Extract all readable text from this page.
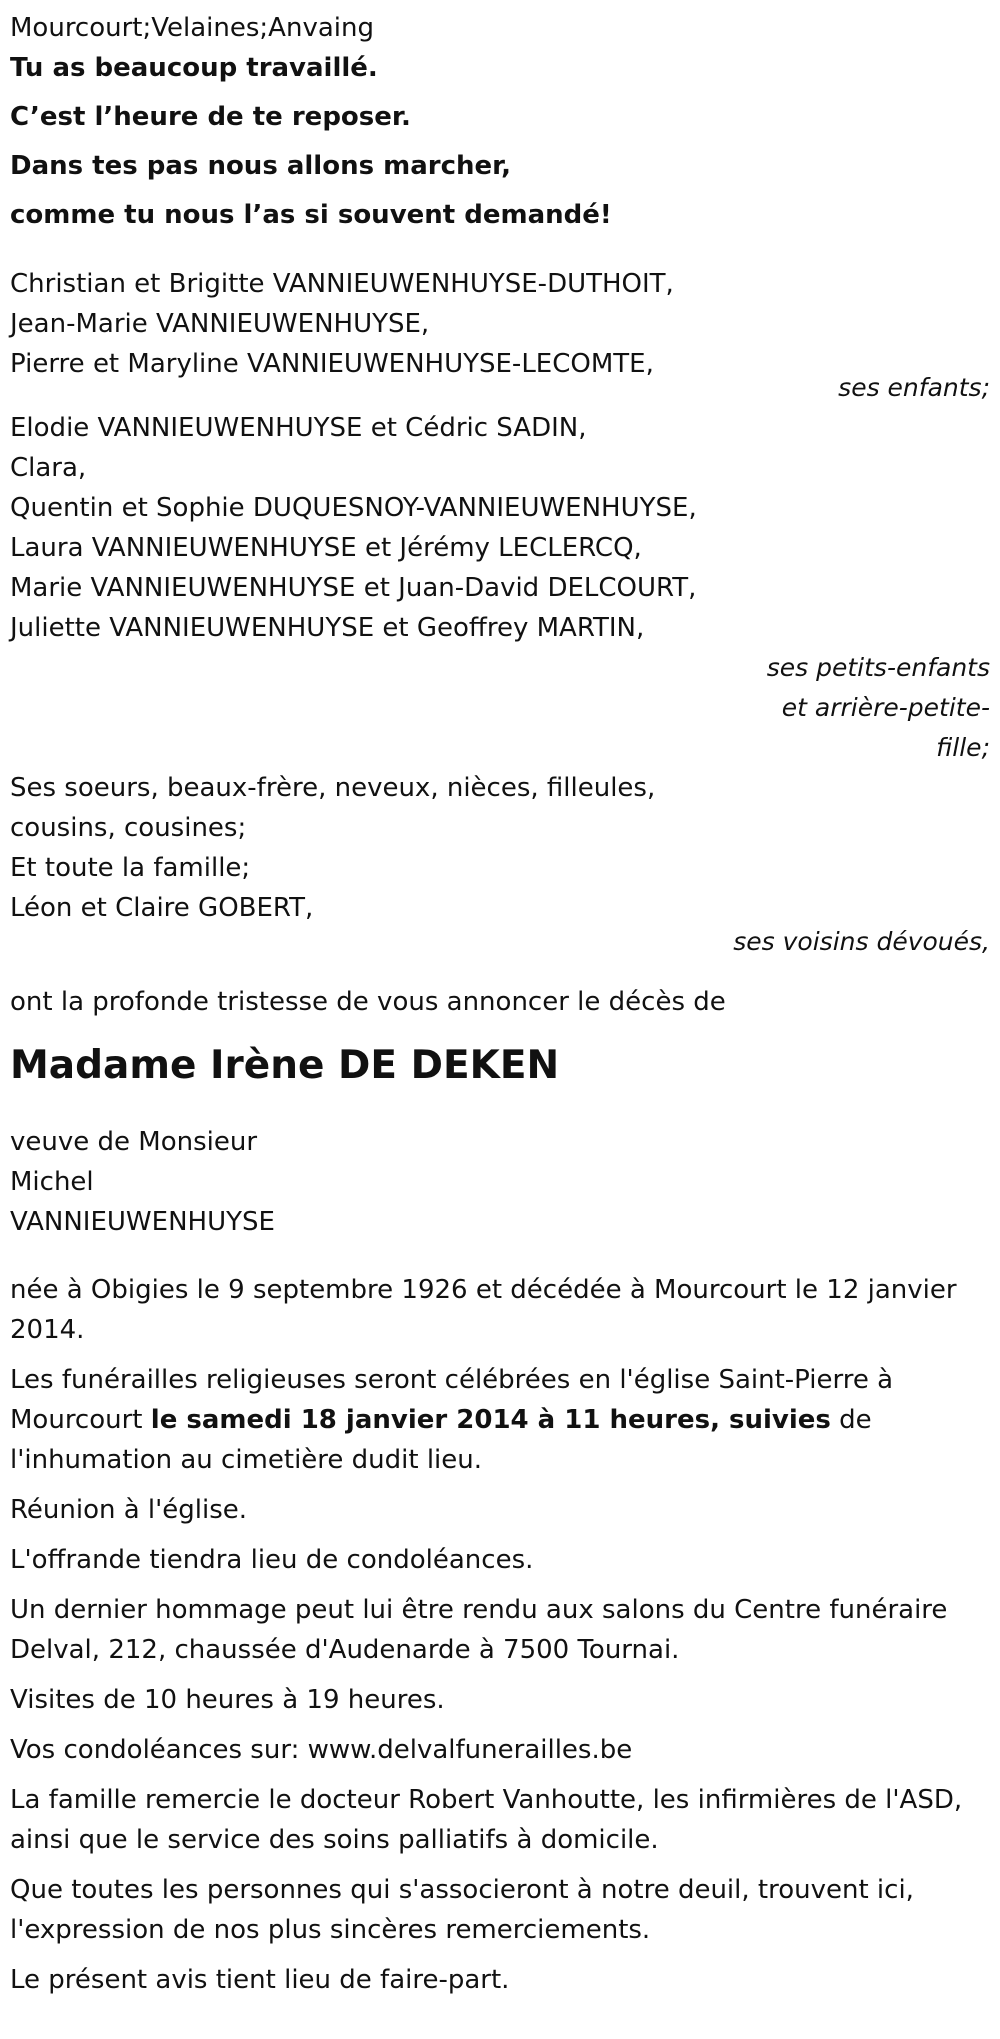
Mourcourt;Velaines;Anvaing
Tu as beaucoup travaillé.
C’est l’heure de te reposer.
Dans tes pas nous allons marcher,
comme tu nous l’as si souvent demandé!
Christian et Brigitte VANNIEUWENHUYSE-DUTHOIT,
Jean-Marie VANNIEUWENHUYSE,
Pierre et Maryline VANNIEUWENHUYSE-LECOMTE,
ses enfants;
Elodie VANNIEUWENHUYSE et Cédric SADIN,
Clara,
Quentin et Sophie DUQUESNOY-VANNIEUWENHUYSE,
Laura VANNIEUWENHUYSE et Jérémy LECLERCQ,
Marie VANNIEUWENHUYSE et Juan-David DELCOURT,
Juliette VANNIEUWENHUYSE et Geoffrey MARTIN,
ses petits-enfants
et arrière-petite-
fille;
Ses soeurs, beaux-frère, neveux, nièces, filleules,
cousins, cousines;
Et toute la famille;
Léon et Claire GOBERT,
ses voisins dévoués,
ont la profonde tristesse de vous annoncer le décès de
Madame Irène DE DEKEN
veuve de Monsieur
Michel
VANNIEUWENHUYSE
née à Obigies le 9 septembre 1926 et décédée à Mourcourt le 12 janvier
2014.
Les funérailles religieuses seront célébrées en l'église Saint-Pierre à
Mourcourt le samedi 18 janvier 2014 à 11 heures, suivies de
l'inhumation au cimetière dudit lieu.
Réunion à l'église.
L'offrande tiendra lieu de condoléances.
Un dernier hommage peut lui être rendu aux salons du Centre funéraire
Delval, 212, chaussée d'Audenarde à 7500 Tournai.
Visites de 10 heures à 19 heures.
Vos condoléances sur: www.delvalfunerailles.be
La famille remercie le docteur Robert Vanhoutte, les infirmières de l'ASD,
ainsi que le service des soins palliatifs à domicile.
Que toutes les personnes qui s'associeront à notre deuil, trouvent ici,
l'expression de nos plus sincères remerciements.
Le présent avis tient lieu de faire-part.
